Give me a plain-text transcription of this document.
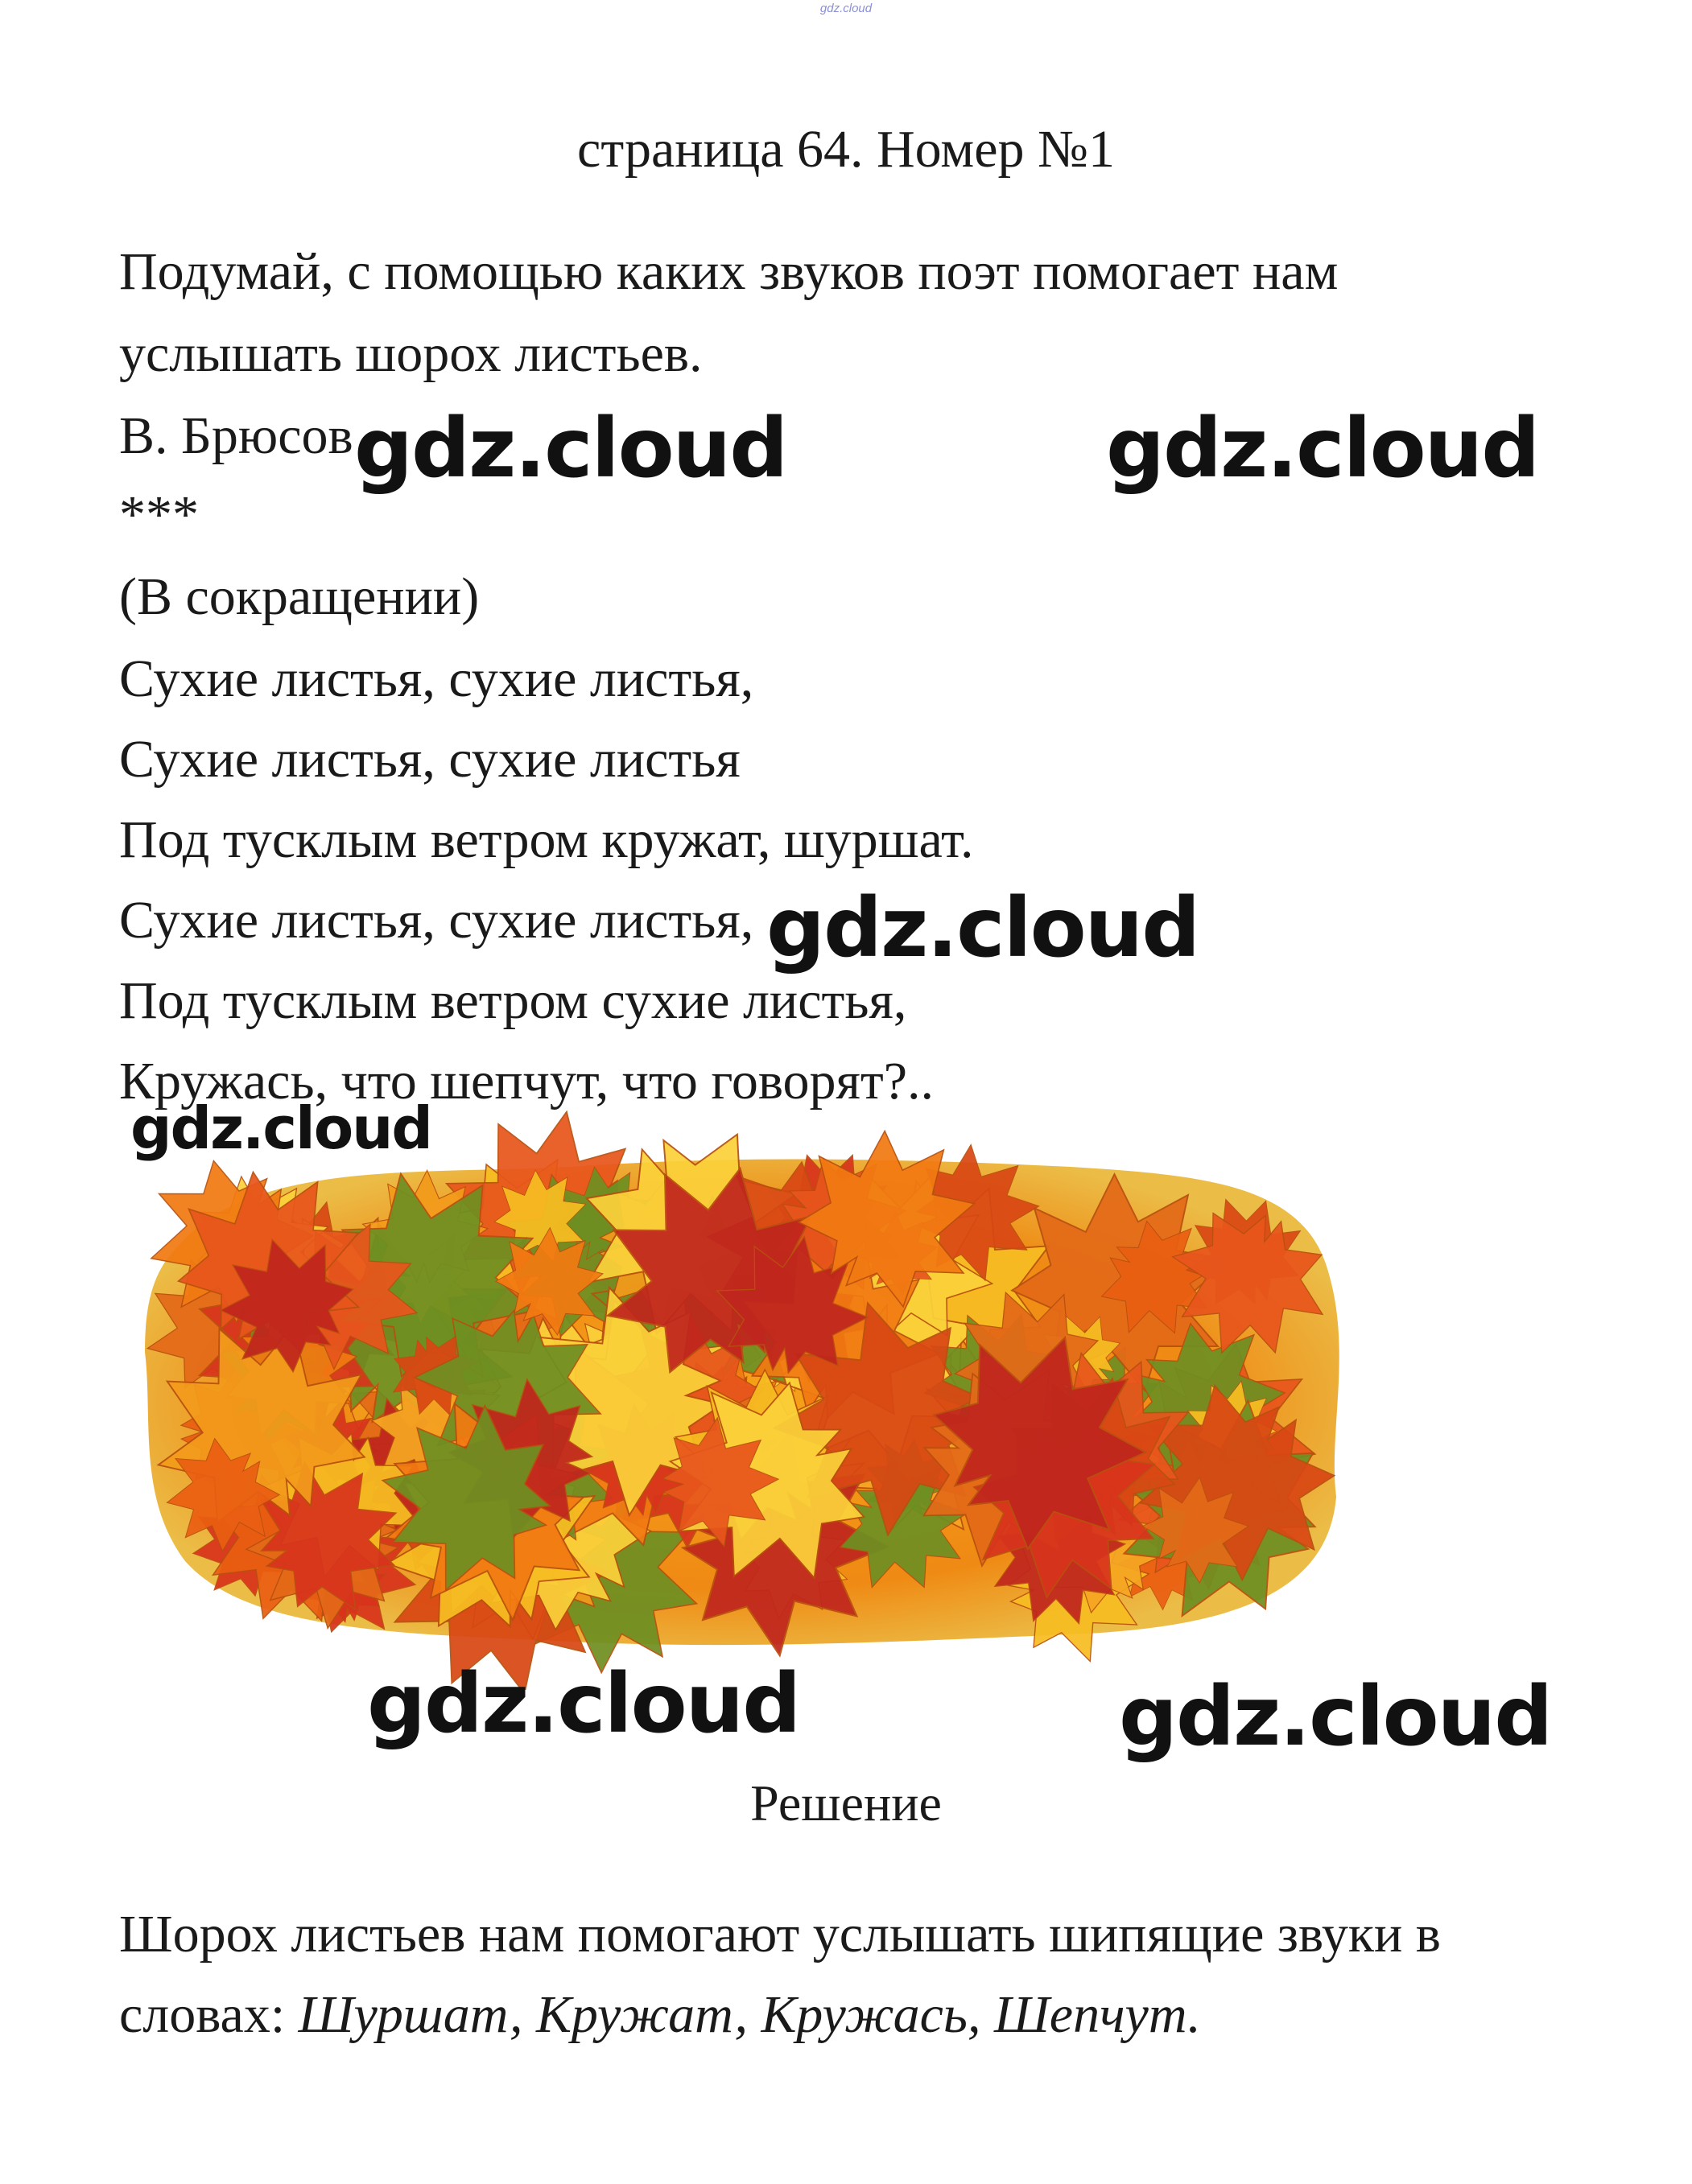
gdz.cloud
страница 64. Номер №1
Подумай, с помощью каких звуков поэт помогает нам
услышать шорох листьев.
В. Брюсов
***
(В сокращении)
Сухие листья, сухие листья,
Сухие листья, сухие листья
Под тусклым ветром кружат, шуршат.
Сухие листья, сухие листья,
Под тусклым ветром сухие листья,
Кружась, что шепчут, что говорят?..
gdz.cloud	gdz.cloud
gdz.cloud
gdz.cloud
gdz.cloud	gdz.cloud
Решение
Шорох листьев нам помогают услышать шипящие звуки в
словах: Шуршат, Кружат, Кружась, Шепчут.
